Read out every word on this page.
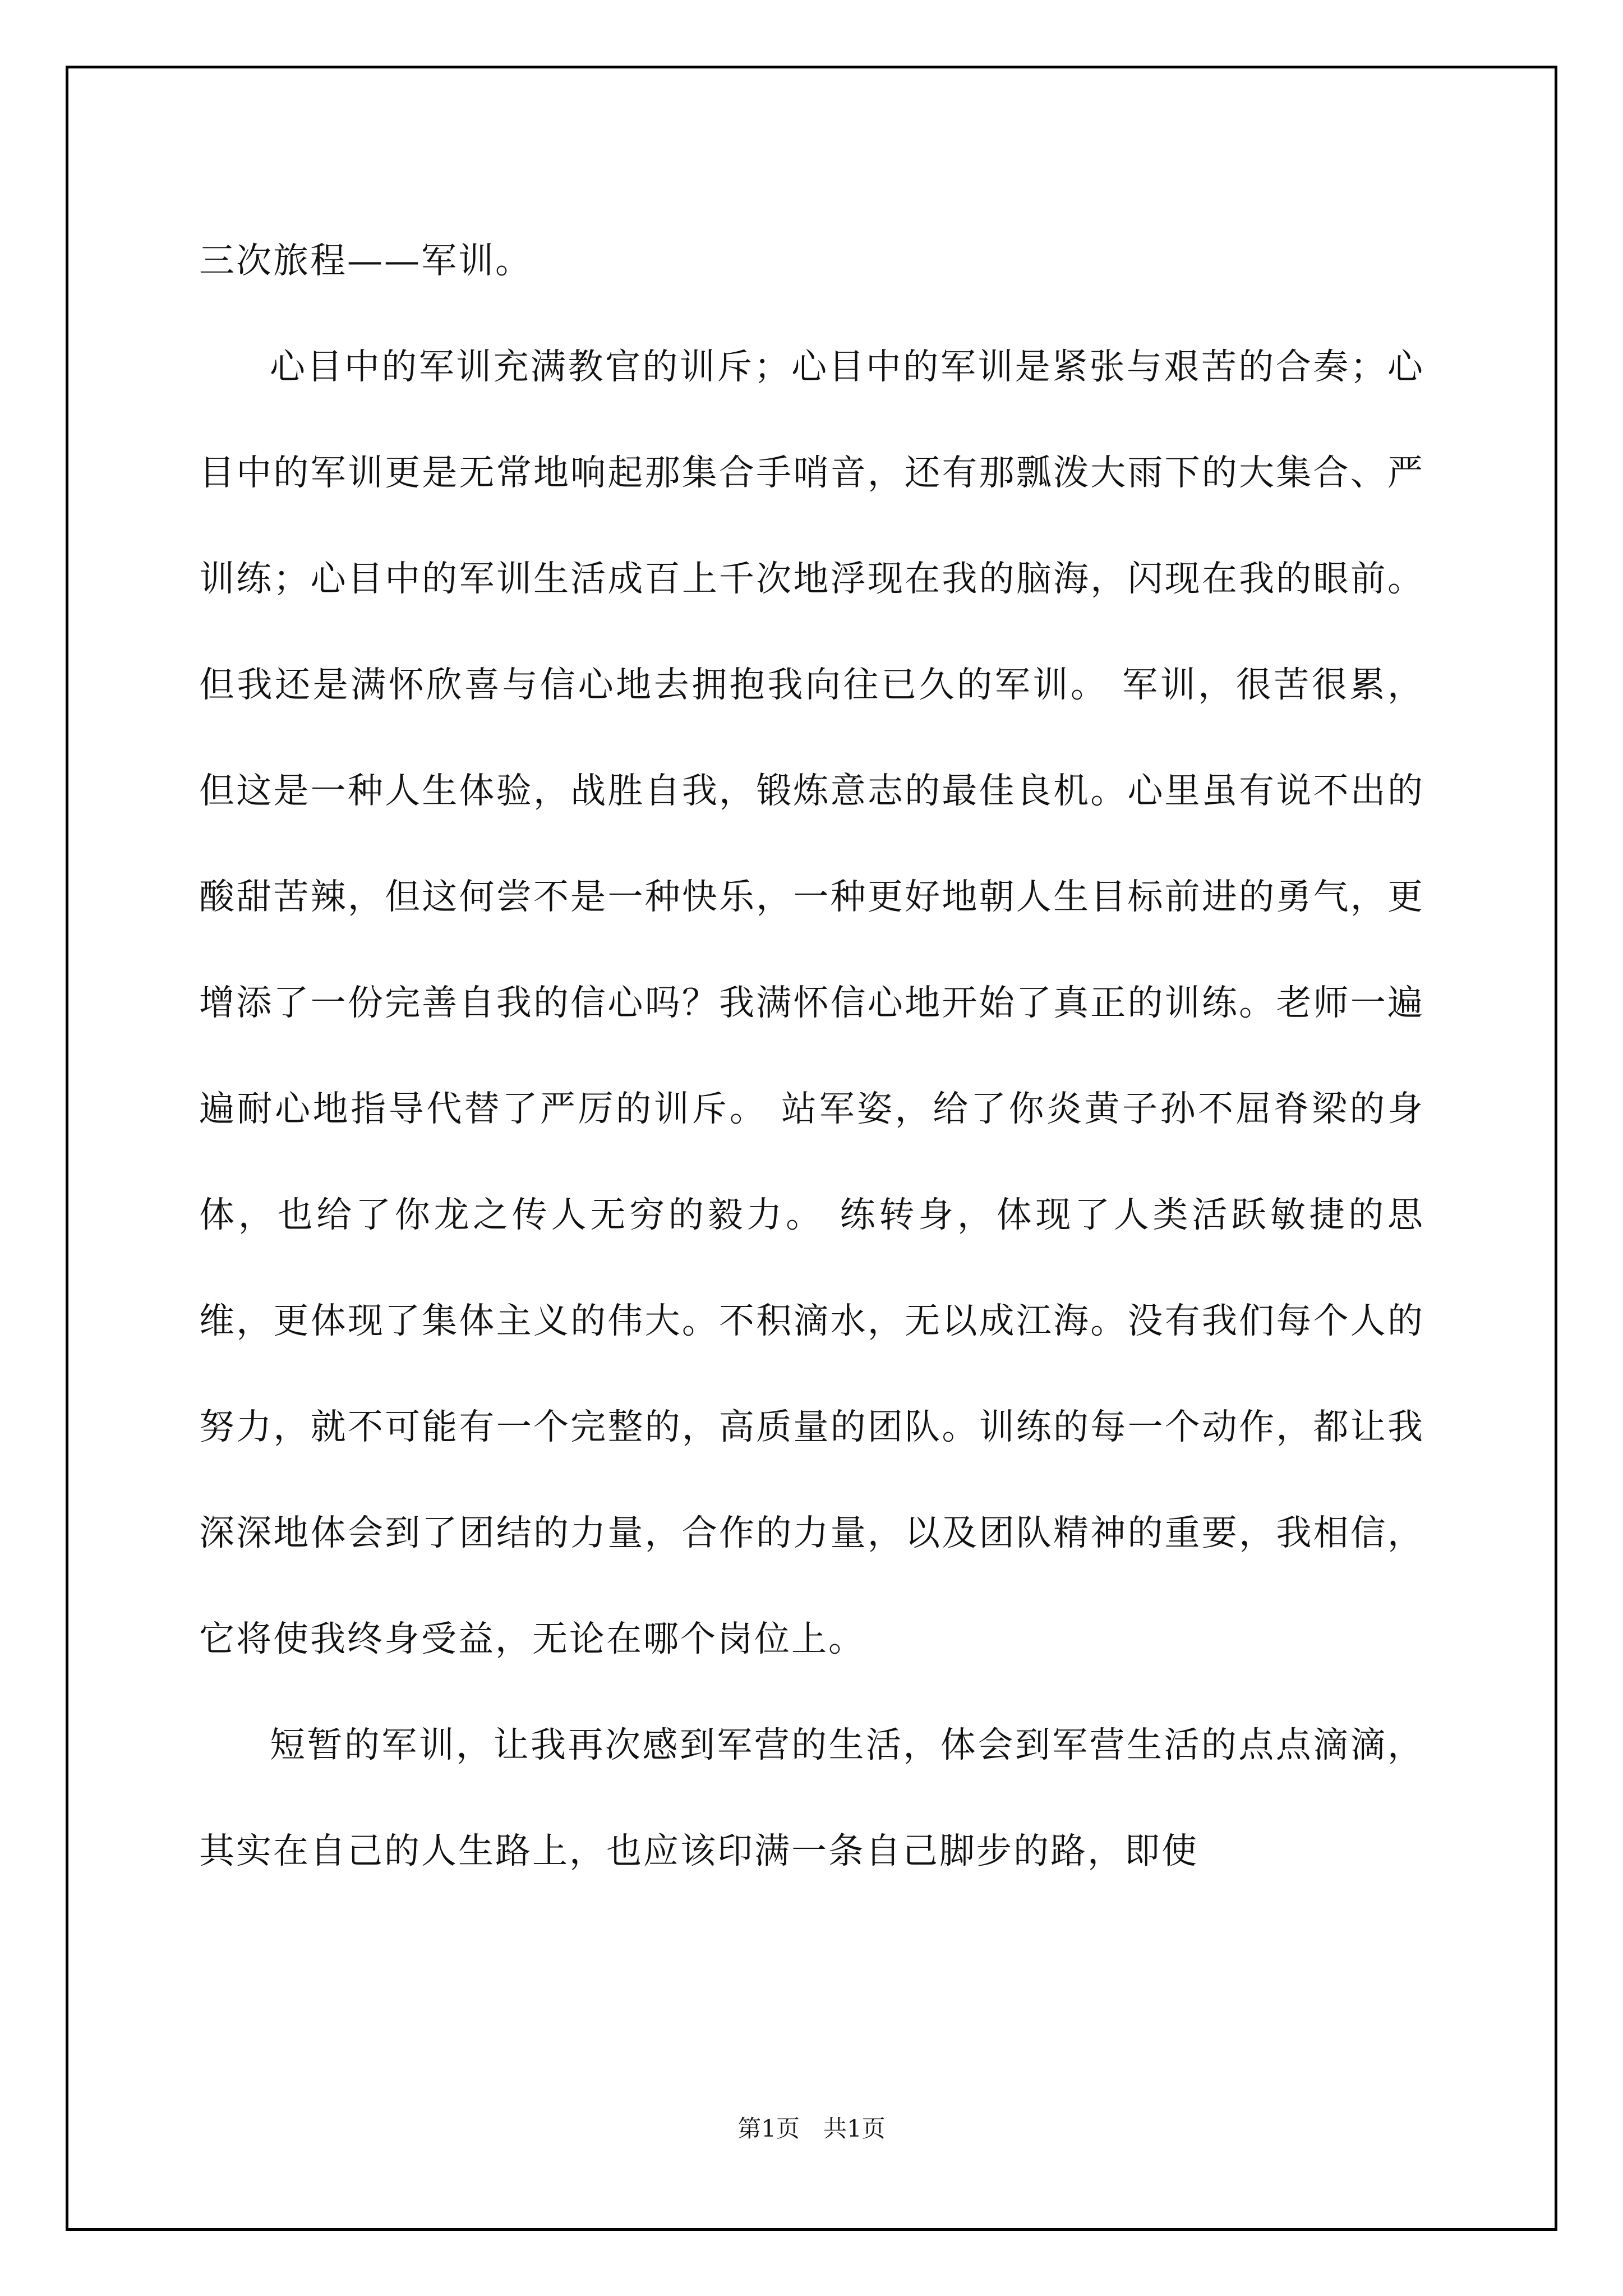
三次旅程——军训。

心目中的军训充满教官的训斥；心目中的军训是紧张与艰苦的合奏；心目中的军训更是无常地响起那集合手哨音，还有那瓢泼大雨下的大集合、严训练；心目中的军训生活成百上千次地浮现在我的脑海，闪现在我的眼前。但我还是满怀欣喜与信心地去拥抱我向往已久的军训。 军训，很苦很累，但这是一种人生体验，战胜自我，锻炼意志的最佳良机。心里虽有说不出的酸甜苦辣，但这何尝不是一种快乐，一种更好地朝人生目标前进的勇气，更增添了一份完善自我的信心吗？我满怀信心地开始了真正的训练。老师一遍遍耐心地指导代替了严厉的训斥。 站军姿，给了你炎黄子孙不屈脊梁的身体，也给了你龙之传人无穷的毅力。 练转身，体现了人类活跃敏捷的思维，更体现了集体主义的伟大。不积滴水，无以成江海。没有我们每个人的努力，就不可能有一个完整的，高质量的团队。训练的每一个动作，都让我深深地体会到了团结的力量，合作的力量，以及团队精神的重要，我相信，它将使我终身受益，无论在哪个岗位上。

短暂的军训，让我再次感到军营的生活，体会到军营生活的点点滴滴，其实在自己的人生路上，也应该印满一条自己脚步的路，即使

第1页　共1页
